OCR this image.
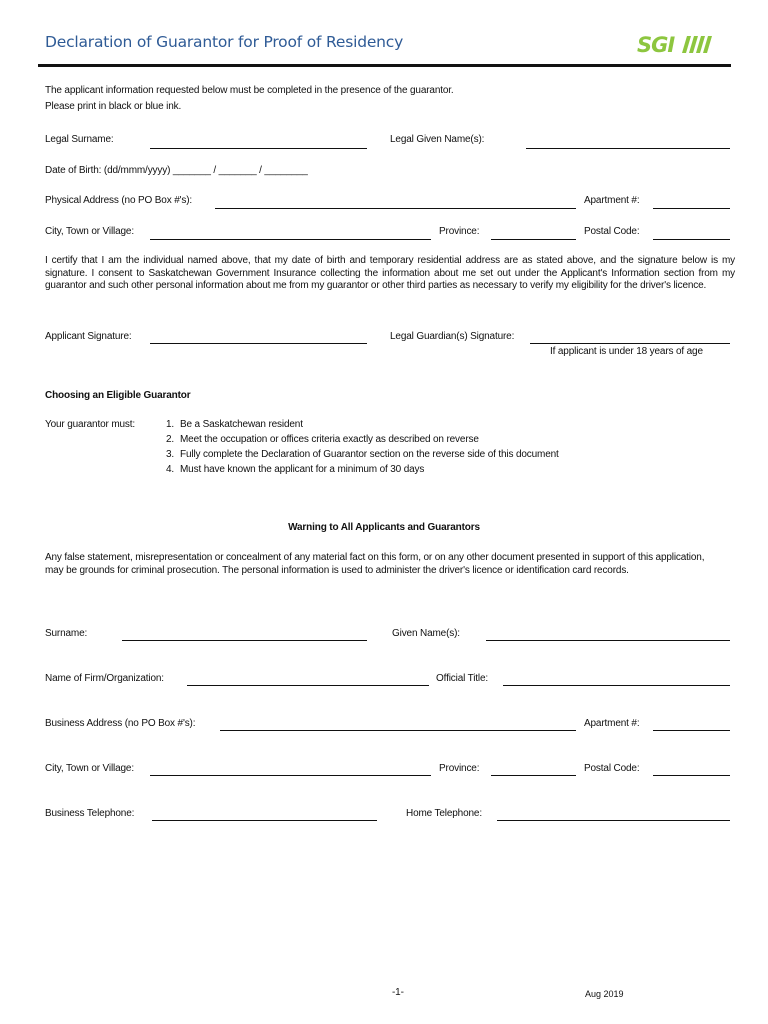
Declaration of Guarantor for Proof of Residency	SGI
The applicant information requested below must be completed in the presence of the guarantor.
Please print in black or blue ink.
Legal Surname:	Legal Given Name(s):
Date of Birth: (dd/mmm/yyyy) _______ / _______ / ________
Physical Address (no PO Box #'s):	Apartment #:
City, Town or Village:	Province:	Postal Code:
I certify that I am the individual named above, that my date of birth and temporary residential address are as stated above, and the signature below is my signature. I consent to Saskatchewan Government Insurance collecting the information about me set out under the Applicant's Information section from my guarantor and such other personal information about me from my guarantor or other third parties as necessary to verify my eligibility for the driver's licence.
Applicant Signature:	Legal Guardian(s) Signature:
If applicant is under 18 years of age
Choosing an Eligible Guarantor
Your guarantor must:	1. Be a Saskatchewan resident
2. Meet the occupation or offices criteria exactly as described on reverse
3. Fully complete the Declaration of Guarantor section on the reverse side of this document
4. Must have known the applicant for a minimum of 30 days
Warning to All Applicants and Guarantors
Any false statement, misrepresentation or concealment of any material fact on this form, or on any other document presented in support of this application, may be grounds for criminal prosecution. The personal information is used to administer the driver's licence or identification card records.
Surname:	Given Name(s):
Name of Firm/Organization:	Official Title:
Business Address (no PO Box #'s):	Apartment #:
City, Town or Village:	Province:	Postal Code:
Business Telephone:	Home Telephone:
-1-	Aug 2019
